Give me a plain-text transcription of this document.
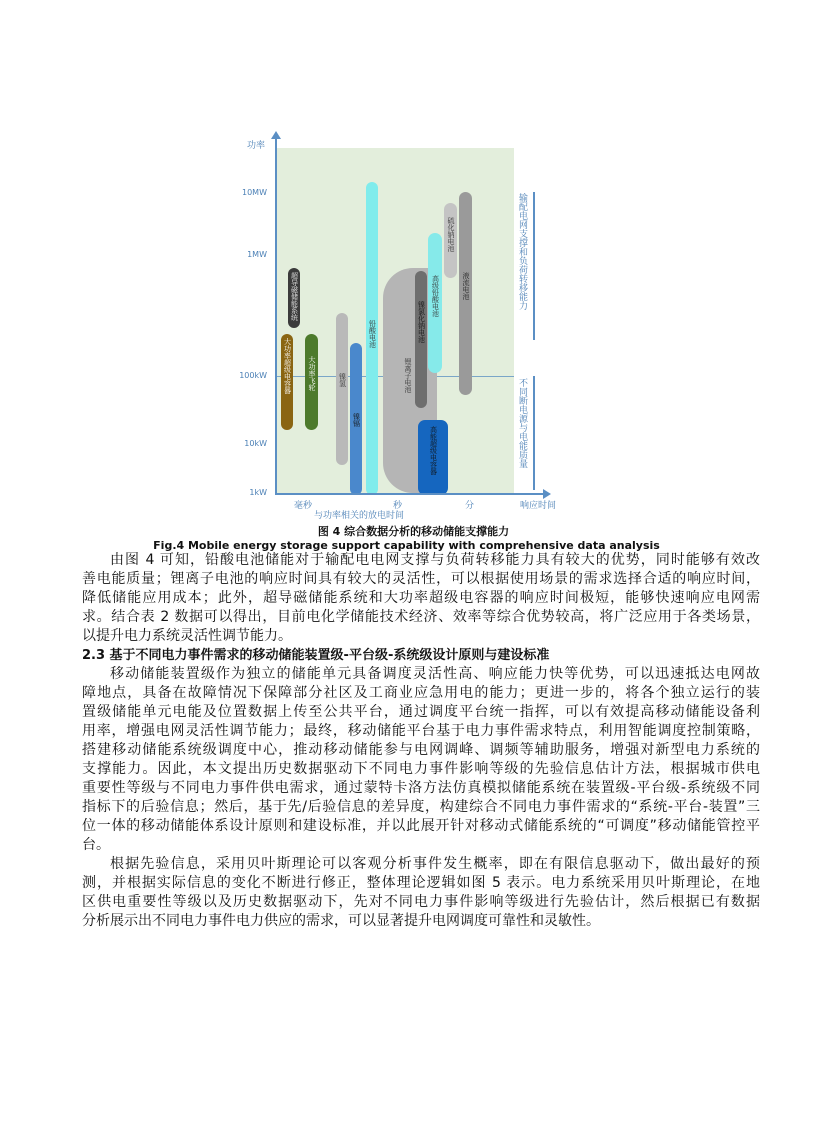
功率
10MW
1MW
100kW
10kW
1kW
锂离子电池
超导磁储能系统
大功率超级电容器 大功率飞轮	镍氢
镍镉
铅酸电池	镍氯化钠电池
高级铅酸电池
高能超级电容器
硫化钠电池
液流电池	输配电网支撑和负荷转移能力
不同断电源与电能质量
毫秒	秒	分	响应时间
与功率相关的放电时间
图 4 综合数据分析的移动储能支撑能力
Fig.4 Mobile energy storage support capability with comprehensive data analysis
由图 4 可知，铅酸电池储能对于输配电电网支撑与负荷转移能力具有较大的优势，同时能够有效改
善电能质量；锂离子电池的响应时间具有较大的灵活性，可以根据使用场景的需求选择合适的响应时间，
降低储能应用成本；此外，超导磁储能系统和大功率超级电容器的响应时间极短，能够快速响应电网需
求。结合表 2 数据可以得出，目前电化学储能技术经济、效率等综合优势较高，将广泛应用于各类场景，
以提升电力系统灵活性调节能力。
2.3 基于不同电力事件需求的移动储能装置级-平台级-系统级设计原则与建设标准
移动储能装置级作为独立的储能单元具备调度灵活性高、响应能力快等优势，可以迅速抵达电网故
障地点，具备在故障情况下保障部分社区及工商业应急用电的能力；更进一步的，将各个独立运行的装
置级储能单元电能及位置数据上传至公共平台，通过调度平台统一指挥，可以有效提高移动储能设备利
用率，增强电网灵活性调节能力；最终，移动储能平台基于电力事件需求特点，利用智能调度控制策略，
搭建移动储能系统级调度中心，推动移动储能参与电网调峰、调频等辅助服务，增强对新型电力系统的
支撑能力。因此，本文提出历史数据驱动下不同电力事件影响等级的先验信息估计方法，根据城市供电
重要性等级与不同电力事件供电需求，通过蒙特卡洛方法仿真模拟储能系统在装置级-平台级-系统级不同
指标下的后验信息；然后，基于先/后验信息的差异度，构建综合不同电力事件需求的“系统-平台-装置”三
位一体的移动储能体系设计原则和建设标准，并以此展开针对移动式储能系统的“可调度”移动储能管控平
台。
根据先验信息，采用贝叶斯理论可以客观分析事件发生概率，即在有限信息驱动下，做出最好的预
测，并根据实际信息的变化不断进行修正，整体理论逻辑如图 5 表示。电力系统采用贝叶斯理论，在地
区供电重要性等级以及历史数据驱动下，先对不同电力事件影响等级进行先验估计，然后根据已有数据
分析展示出不同电力事件电力供应的需求，可以显著提升电网调度可靠性和灵敏性。
